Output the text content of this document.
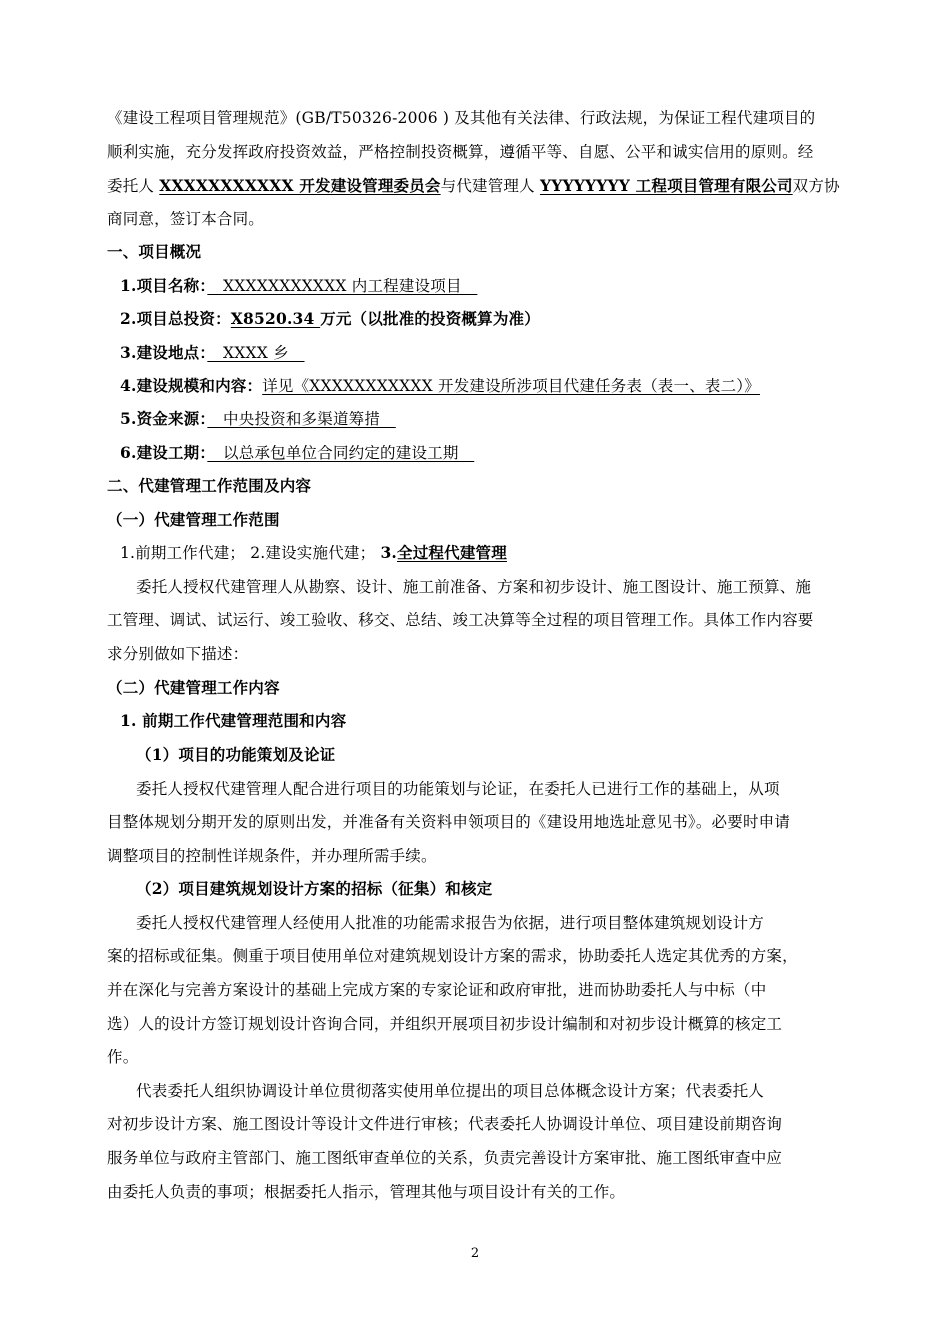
《建设工程项目管理规范》(GB/T50326-2006 ) 及其他有关法律、行政法规，为保证工程代建项目的
顺利实施，充分发挥政府投资效益，严格控制投资概算，遵循平等、自愿、公平和诚实信用的原则。经
委托人 XXXXXXXXXXX 开发建设管理委员会与代建管理人 YYYYYYYY 工程项目管理有限公司双方协
商同意，签订本合同。
一、项目概况
1.项目名称：　XXXXXXXXXXX 内工程建设项目　
2.项目总投资：X8520.34 万元（以批准的投资概算为准）
3.建设地点：　XXXX 乡　
4.建设规模和内容：详见《XXXXXXXXXXX 开发建设所涉项目代建任务表（表一、表二）》
5.资金来源：　中央投资和多渠道筹措　
6.建设工期：　以总承包单位合同约定的建设工期　
二、代建管理工作范围及内容
（一）代建管理工作范围
1.前期工作代建； 2.建设实施代建； 3.全过程代建管理
委托人授权代建管理人从勘察、设计、施工前准备、方案和初步设计、施工图设计、施工预算、施
工管理、调试、试运行、竣工验收、移交、总结、竣工决算等全过程的项目管理工作。具体工作内容要
求分别做如下描述：
（二）代建管理工作内容
1. 前期工作代建管理范围和内容
（1）项目的功能策划及论证
委托人授权代建管理人配合进行项目的功能策划与论证，在委托人已进行工作的基础上，从项
目整体规划分期开发的原则出发，并准备有关资料申领项目的《建设用地选址意见书》。必要时申请
调整项目的控制性详规条件，并办理所需手续。
（2）项目建筑规划设计方案的招标（征集）和核定
委托人授权代建管理人经使用人批准的功能需求报告为依据，进行项目整体建筑规划设计方
案的招标或征集。侧重于项目使用单位对建筑规划设计方案的需求，协助委托人选定其优秀的方案，
并在深化与完善方案设计的基础上完成方案的专家论证和政府审批，进而协助委托人与中标（中
选）人的设计方签订规划设计咨询合同，并组织开展项目初步设计编制和对初步设计概算的核定工
作。
代表委托人组织协调设计单位贯彻落实使用单位提出的项目总体概念设计方案；代表委托人
对初步设计方案、施工图设计等设计文件进行审核；代表委托人协调设计单位、项目建设前期咨询
服务单位与政府主管部门、施工图纸审查单位的关系，负责完善设计方案审批、施工图纸审查中应
由委托人负责的事项；根据委托人指示，管理其他与项目设计有关的工作。
2
